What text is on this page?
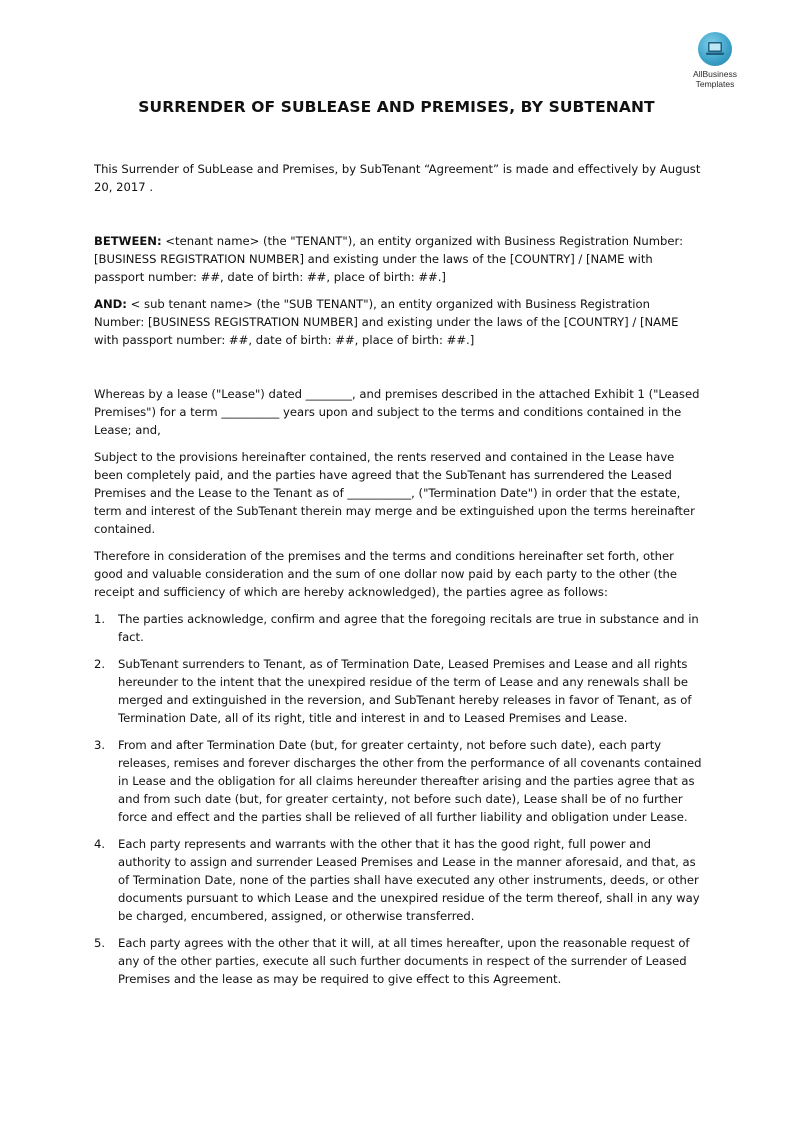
AllBusiness
Templates
SURRENDER OF SUBLEASE AND PREMISES, BY SUBTENANT

This Surrender of SubLease and Premises, by SubTenant “Agreement” is made and effectively by August 20, 2017 .

BETWEEN: <tenant name> (the "TENANT"), an entity organized with Business Registration Number: [BUSINESS REGISTRATION NUMBER] and existing under the laws of the [COUNTRY] / [NAME with passport number: ##, date of birth: ##, place of birth: ##.]

AND: < sub tenant name> (the "SUB TENANT"), an entity organized with Business Registration Number: [BUSINESS REGISTRATION NUMBER] and existing under the laws of the [COUNTRY] / [NAME with passport number: ##, date of birth: ##, place of birth: ##.]

Whereas by a lease ("Lease") dated ________, and premises described in the attached Exhibit 1 ("Leased Premises") for a term __________ years upon and subject to the terms and conditions contained in the Lease; and,

Subject to the provisions hereinafter contained, the rents reserved and contained in the Lease have been completely paid, and the parties have agreed that the SubTenant has surrendered the Leased Premises and the Lease to the Tenant as of ___________, ("Termination Date") in order that the estate, term and interest of the SubTenant therein may merge and be extinguished upon the terms hereinafter contained.

Therefore in consideration of the premises and the terms and conditions hereinafter set forth, other good and valuable consideration and the sum of one dollar now paid by each party to the other (the receipt and sufficiency of which are hereby acknowledged), the parties agree as follows:

1. The parties acknowledge, confirm and agree that the foregoing recitals are true in substance and in fact.
2. SubTenant surrenders to Tenant, as of Termination Date, Leased Premises and Lease and all rights hereunder to the intent that the unexpired residue of the term of Lease and any renewals shall be merged and extinguished in the reversion, and SubTenant hereby releases in favor of Tenant, as of Termination Date, all of its right, title and interest in and to Leased Premises and Lease.
3. From and after Termination Date (but, for greater certainty, not before such date), each party releases, remises and forever discharges the other from the performance of all covenants contained in Lease and the obligation for all claims hereunder thereafter arising and the parties agree that as and from such date (but, for greater certainty, not before such date), Lease shall be of no further force and effect and the parties shall be relieved of all further liability and obligation under Lease.
4. Each party represents and warrants with the other that it has the good right, full power and authority to assign and surrender Leased Premises and Lease in the manner aforesaid, and that, as of Termination Date, none of the parties shall have executed any other instruments, deeds, or other documents pursuant to which Lease and the unexpired residue of the term thereof, shall in any way be charged, encumbered, assigned, or otherwise transferred.
5. Each party agrees with the other that it will, at all times hereafter, upon the reasonable request of any of the other parties, execute all such further documents in respect of the surrender of Leased Premises and the lease as may be required to give effect to this Agreement.
